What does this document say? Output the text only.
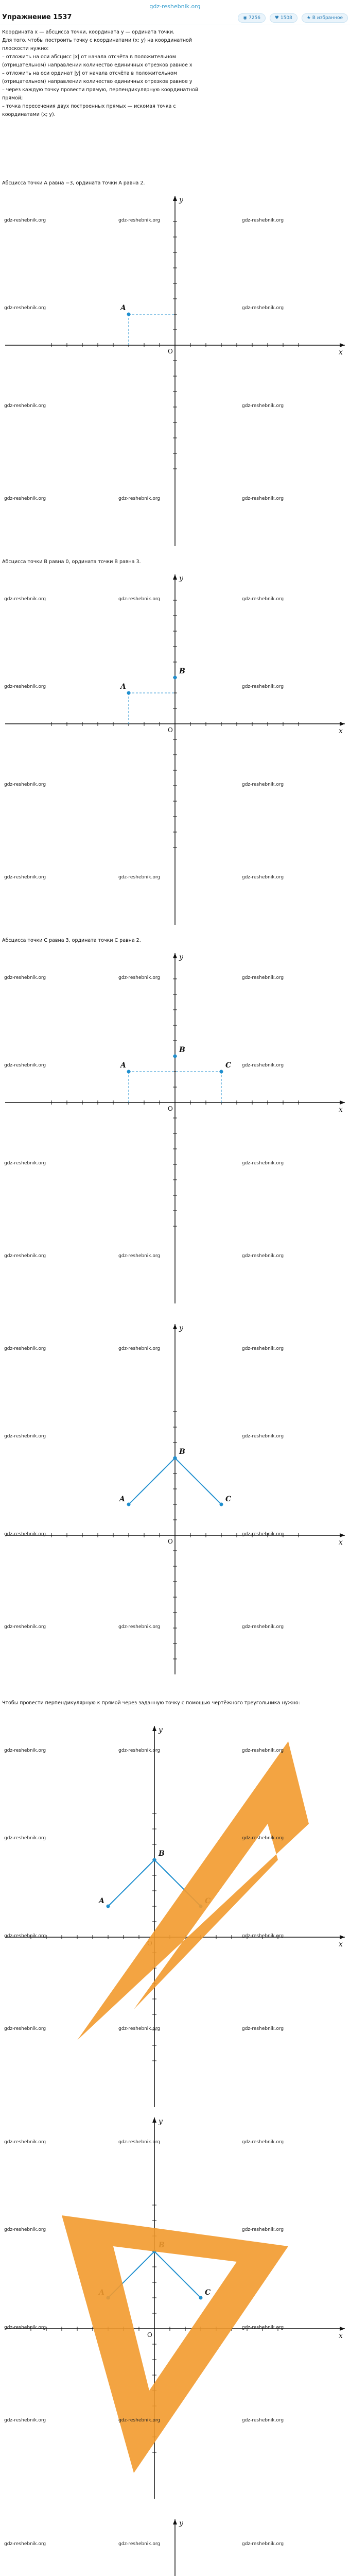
gdz-reshebnik.org
Упражнение 1537	◉ 7256	♥ 1508	★ В избранное

Координата x — абсцисса точки, координата y — ордината точки.

Для того, чтобы построить точку с координатами (x; y) на координатной

плоскости нужно:

– отложить на оси абсцисс |x| от начала отсчёта в положительном

(отрицательном) направлении количество единичных отрезков равное x

– отложить на оси ординат |y| от начала отсчёта в положительном

(отрицательном) направлении количество единичных отрезков равное y

– через каждую точку провести прямую, перпендикулярную координатной

прямой;

– точка пересечения двух построенных прямых — искомая точка с

координатами (x; y).

Абсцисса точки A равна −3, ордината точки A равна 2.
Абсцисса точки B равна 0, ордината точки B равна 3.
Абсцисса точки C равна 3, ордината точки C равна 2.
Чтобы провести перпендикулярную к прямой через заданную точку с помощью чертёжного треугольника нужно:
x
y
O
A
gdz-reshebnik.org	gdz-reshebnik.org	gdz-reshebnik.org
gdz-reshebnik.org	gdz-reshebnik.org
gdz-reshebnik.org	gdz-reshebnik.org
gdz-reshebnik.org	gdz-reshebnik.org	gdz-reshebnik.org
x
y
O
A
B
gdz-reshebnik.org	gdz-reshebnik.org	gdz-reshebnik.org
gdz-reshebnik.org	gdz-reshebnik.org
gdz-reshebnik.org	gdz-reshebnik.org
gdz-reshebnik.org	gdz-reshebnik.org	gdz-reshebnik.org
x
y
O
A
B
C
gdz-reshebnik.org	gdz-reshebnik.org	gdz-reshebnik.org
gdz-reshebnik.org	gdz-reshebnik.org
gdz-reshebnik.org	gdz-reshebnik.org
gdz-reshebnik.org	gdz-reshebnik.org	gdz-reshebnik.org
x
y
O
A
B
C
gdz-reshebnik.org	gdz-reshebnik.org	gdz-reshebnik.org
gdz-reshebnik.org	gdz-reshebnik.org
gdz-reshebnik.org	gdz-reshebnik.org
gdz-reshebnik.org	gdz-reshebnik.org	gdz-reshebnik.org
x
y
A
B
gdz-reshebnik.org	gdz-reshebnik.org	gdz-reshebnik.org
gdz-reshebnik.org	gdz-reshebnik.org
gdz-reshebnik.org	gdz-reshebnik.org
gdz-reshebnik.org	gdz-reshebnik.org	gdz-reshebnik.org
x
y
O
C
gdz-reshebnik.org	gdz-reshebnik.org	gdz-reshebnik.org
gdz-reshebnik.org	gdz-reshebnik.org
gdz-reshebnik.org	gdz-reshebnik.org
gdz-reshebnik.org	gdz-reshebnik.org	gdz-reshebnik.org
y
gdz-reshebnik.org	gdz-reshebnik.org	gdz-reshebnik.org
